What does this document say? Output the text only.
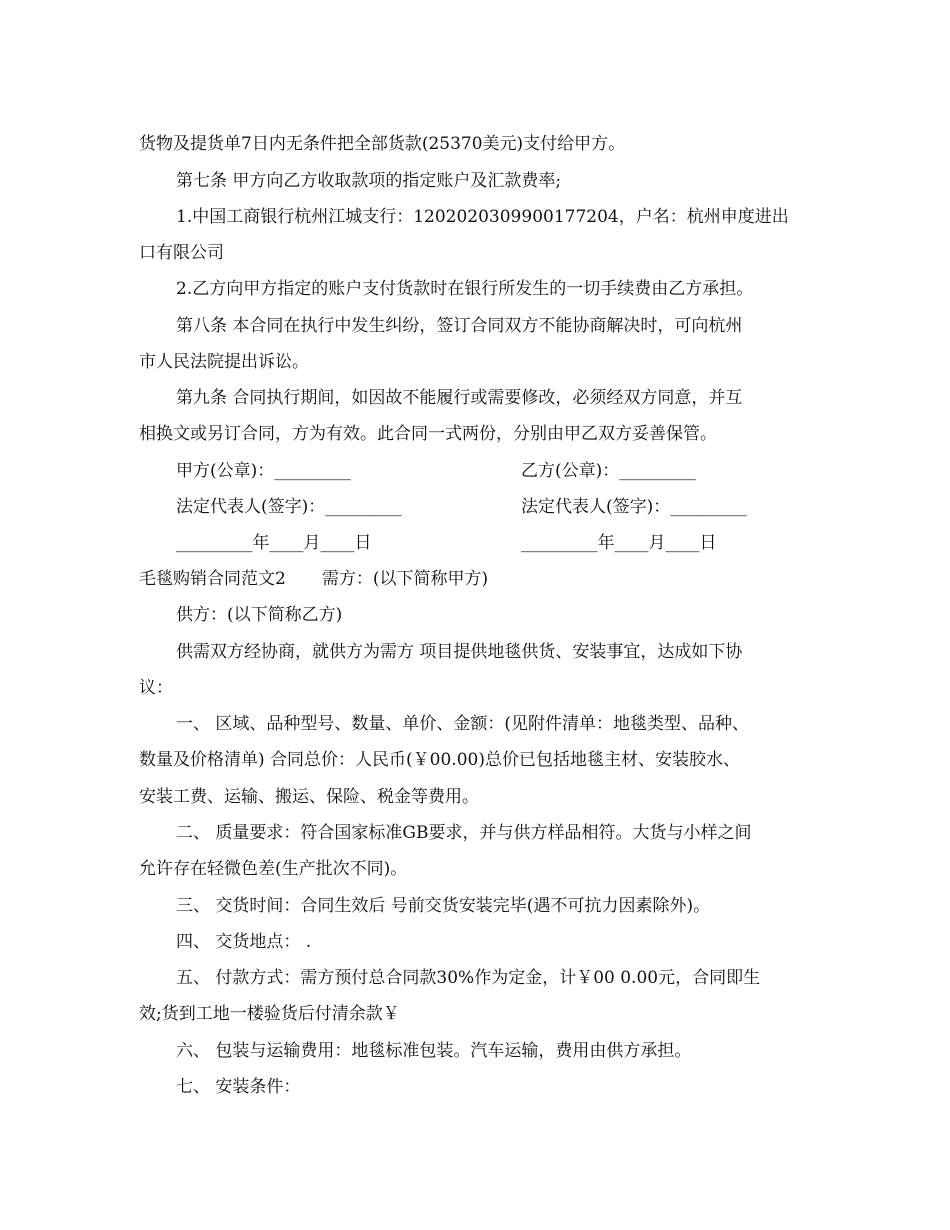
货物及提货单7日内无条件把全部货款(25370美元)支付给甲方。
第七条 甲方向乙方收取款项的指定账户及汇款费率;
1.中国工商银行杭州江城支行：1202020309900177204，户名：杭州申度进出
口有限公司
2.乙方向甲方指定的账户支付货款时在银行所发生的一切手续费由乙方承担。
第八条 本合同在执行中发生纠纷，签订合同双方不能协商解决时，可向杭州
市人民法院提出诉讼。
第九条 合同执行期间，如因故不能履行或需要修改，必须经双方同意，并互
相换文或另订合同，方为有效。此合同一式两份，分别由甲乙双方妥善保管。
甲方(公章)：_________	乙方(公章)：_________
法定代表人(签字)：_________	法定代表人(签字)：_________
_________年____月____日	_________年____月____日
毛毯购销合同范文2 需方：(以下简称甲方)
供方：(以下简称乙方)
供需双方经协商，就供方为需方 项目提供地毯供货、安装事宜，达成如下协
议：
一、 区域、品种型号、数量、单价、金额：(见附件清单：地毯类型、品种、
数量及价格清单) 合同总价：人民币(￥00.00)总价已包括地毯主材、安装胶水、
安装工费、运输、搬运、保险、税金等费用。
二、 质量要求：符合国家标准GB要求，并与供方样品相符。大货与小样之间
允许存在轻微色差(生产批次不同)。
三、 交货时间：合同生效后 号前交货安装完毕(遇不可抗力因素除外)。
四、 交货地点： .
五、 付款方式：需方预付总合同款30%作为定金，计￥00 0.00元，合同即生
效;货到工地一楼验货后付清余款￥
六、 包装与运输费用：地毯标准包装。汽车运输，费用由供方承担。
七、 安装条件：
